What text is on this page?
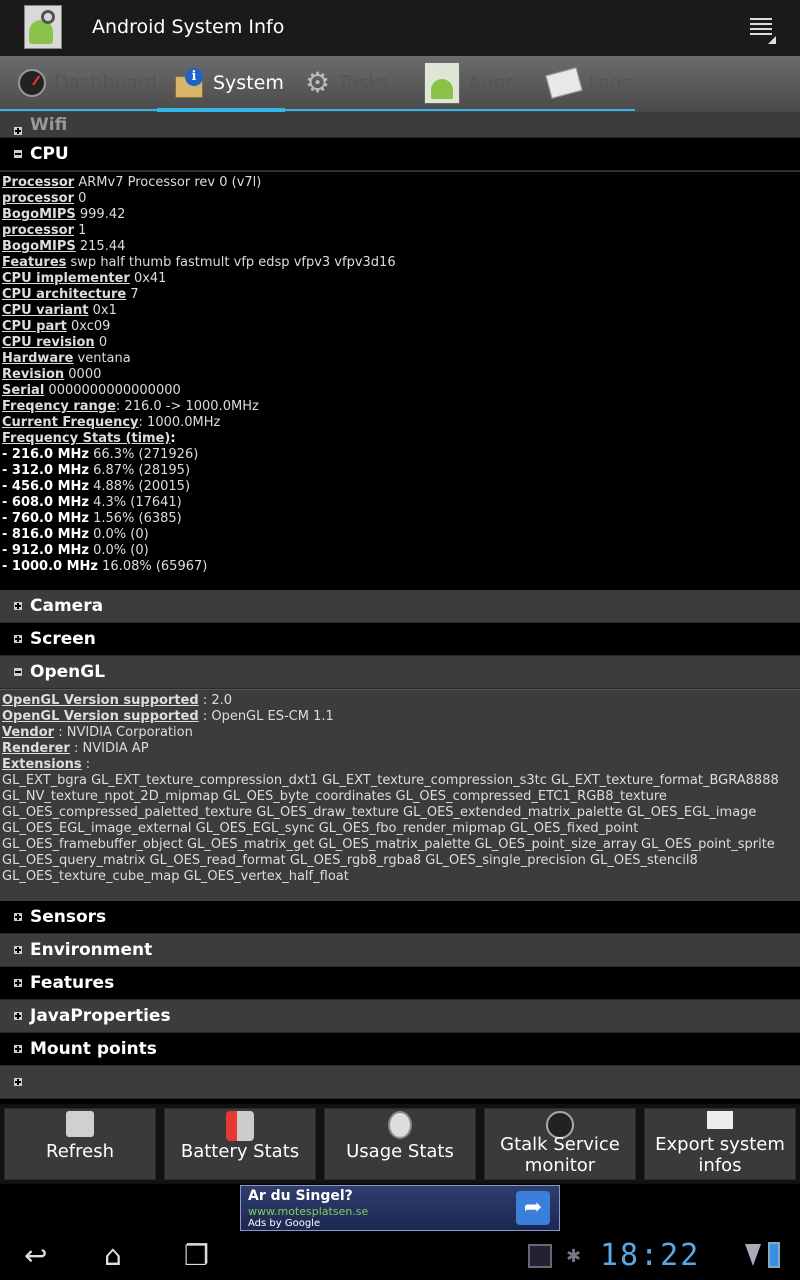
Android System Info
Dashboard	i System ⚙ Tasks	Apps	Logs
Wifi
CPU
Processor ARMv7 Processor rev 0 (v7l)
processor 0
BogoMIPS 999.42
processor 1
BogoMIPS 215.44
Features swp half thumb fastmult vfp edsp vfpv3 vfpv3d16
CPU implementer 0x41
CPU architecture 7
CPU variant 0x1
CPU part 0xc09
CPU revision 0
Hardware ventana
Revision 0000
Serial 0000000000000000
Freqency range: 216.0 -> 1000.0MHz
Current Frequency: 1000.0MHz
Frequency Stats (time):
- 216.0 MHz 66.3% (271926)
- 312.0 MHz 6.87% (28195)
- 456.0 MHz 4.88% (20015)
- 608.0 MHz 4.3% (17641)
- 760.0 MHz 1.56% (6385)
- 816.0 MHz 0.0% (0)
- 912.0 MHz 0.0% (0)
- 1000.0 MHz 16.08% (65967)
Camera
Screen
OpenGL
OpenGL Version supported : 2.0
OpenGL Version supported : OpenGL ES-CM 1.1
Vendor : NVIDIA Corporation
Renderer : NVIDIA AP
Extensions :
GL_EXT_bgra GL_EXT_texture_compression_dxt1 GL_EXT_texture_compression_s3tc GL_EXT_texture_format_BGRA8888 GL_NV_texture_npot_2D_mipmap GL_OES_byte_coordinates GL_OES_compressed_ETC1_RGB8_texture GL_OES_compressed_paletted_texture GL_OES_draw_texture GL_OES_extended_matrix_palette GL_OES_EGL_image GL_OES_EGL_image_external GL_OES_EGL_sync GL_OES_fbo_render_mipmap GL_OES_fixed_point GL_OES_framebuffer_object GL_OES_matrix_get GL_OES_matrix_palette GL_OES_point_size_array GL_OES_point_sprite GL_OES_query_matrix GL_OES_read_format GL_OES_rgb8_rgba8 GL_OES_single_precision GL_OES_stencil8 GL_OES_texture_cube_map GL_OES_vertex_half_float
Sensors
Environment
Features
JavaProperties
Mount points
Refresh	Battery Stats	Usage Stats	Gtalk Service monitor
Export system infos
Ar du Singel?
www.motesplatsen.se
Ads by Google
➦
↩ ⌂ ❐	✱ 18:22
